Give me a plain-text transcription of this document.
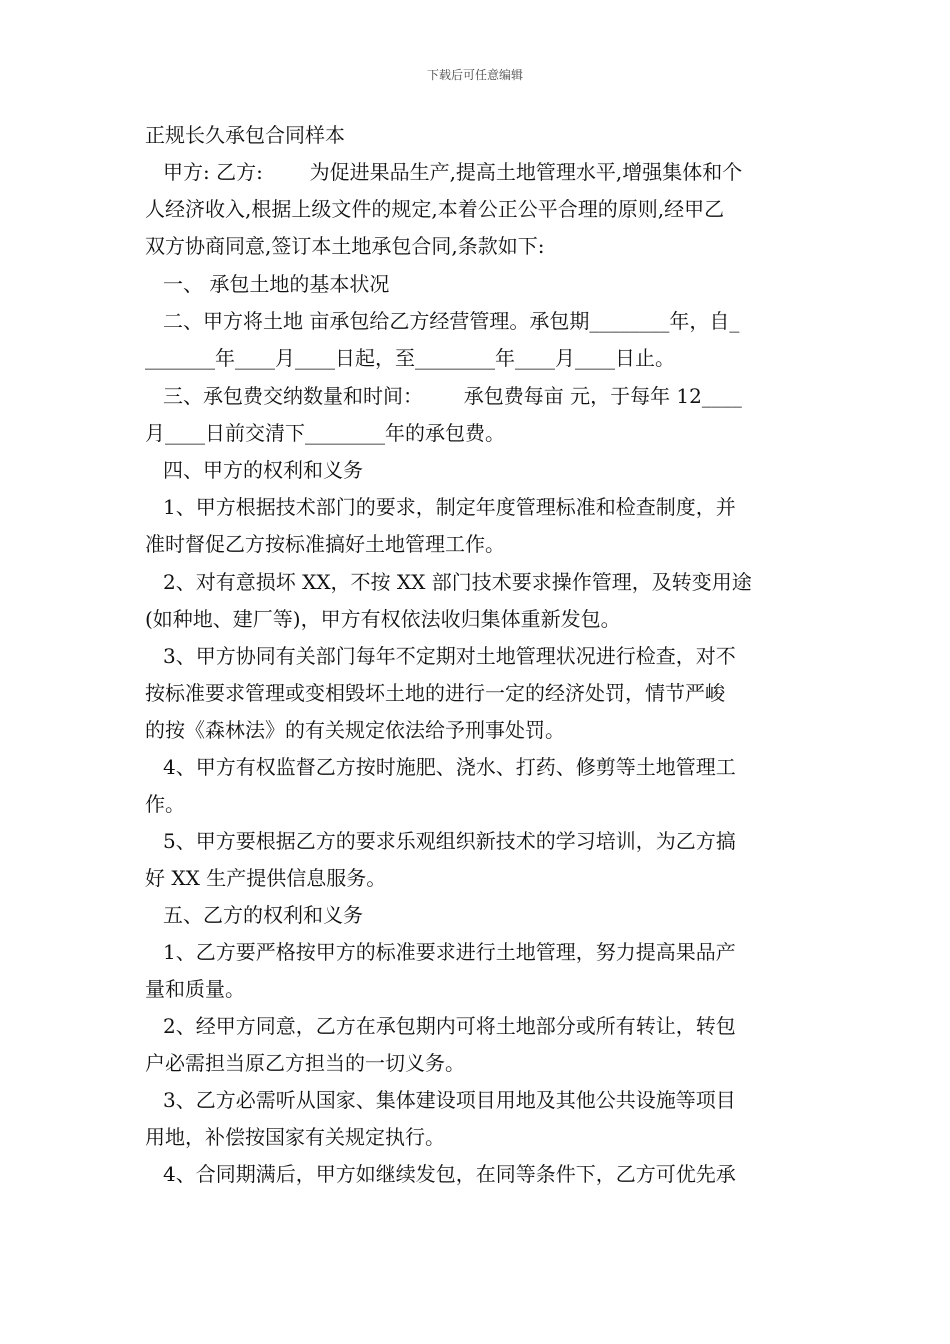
下载后可任意编辑
正规长久承包合同样本
甲方: 乙方: 为促进果品生产,提高土地管理水平,增强集体和个
人经济收入,根据上级文件的规定,本着公正公平合理的原则,经甲乙
双方协商同意,签订本土地承包合同,条款如下:
一、 承包土地的基本状况
二、甲方将土地 亩承包给乙方经营管理。承包期________年，自_
_______年____月____日起，至________年____月____日止。
三、承包费交纳数量和时间： 承包费每亩 元，于每年 12____
月____日前交清下________年的承包费。
四、甲方的权利和义务
1、甲方根据技术部门的要求，制定年度管理标准和检查制度，并
准时督促乙方按标准搞好土地管理工作。
2、对有意损坏 XX，不按 XX 部门技术要求操作管理，及转变用途
(如种地、建厂等)，甲方有权依法收归集体重新发包。
3、甲方协同有关部门每年不定期对土地管理状况进行检查，对不
按标准要求管理或变相毁坏土地的进行一定的经济处罚，情节严峻
的按《森林法》的有关规定依法给予刑事处罚。
4、甲方有权监督乙方按时施肥、浇水、打药、修剪等土地管理工
作。
5、甲方要根据乙方的要求乐观组织新技术的学习培训，为乙方搞
好 XX 生产提供信息服务。
五、乙方的权利和义务
1、乙方要严格按甲方的标准要求进行土地管理，努力提高果品产
量和质量。
2、经甲方同意，乙方在承包期内可将土地部分或所有转让，转包
户必需担当原乙方担当的一切义务。
3、乙方必需听从国家、集体建设项目用地及其他公共设施等项目
用地，补偿按国家有关规定执行。
4、合同期满后，甲方如继续发包，在同等条件下，乙方可优先承
